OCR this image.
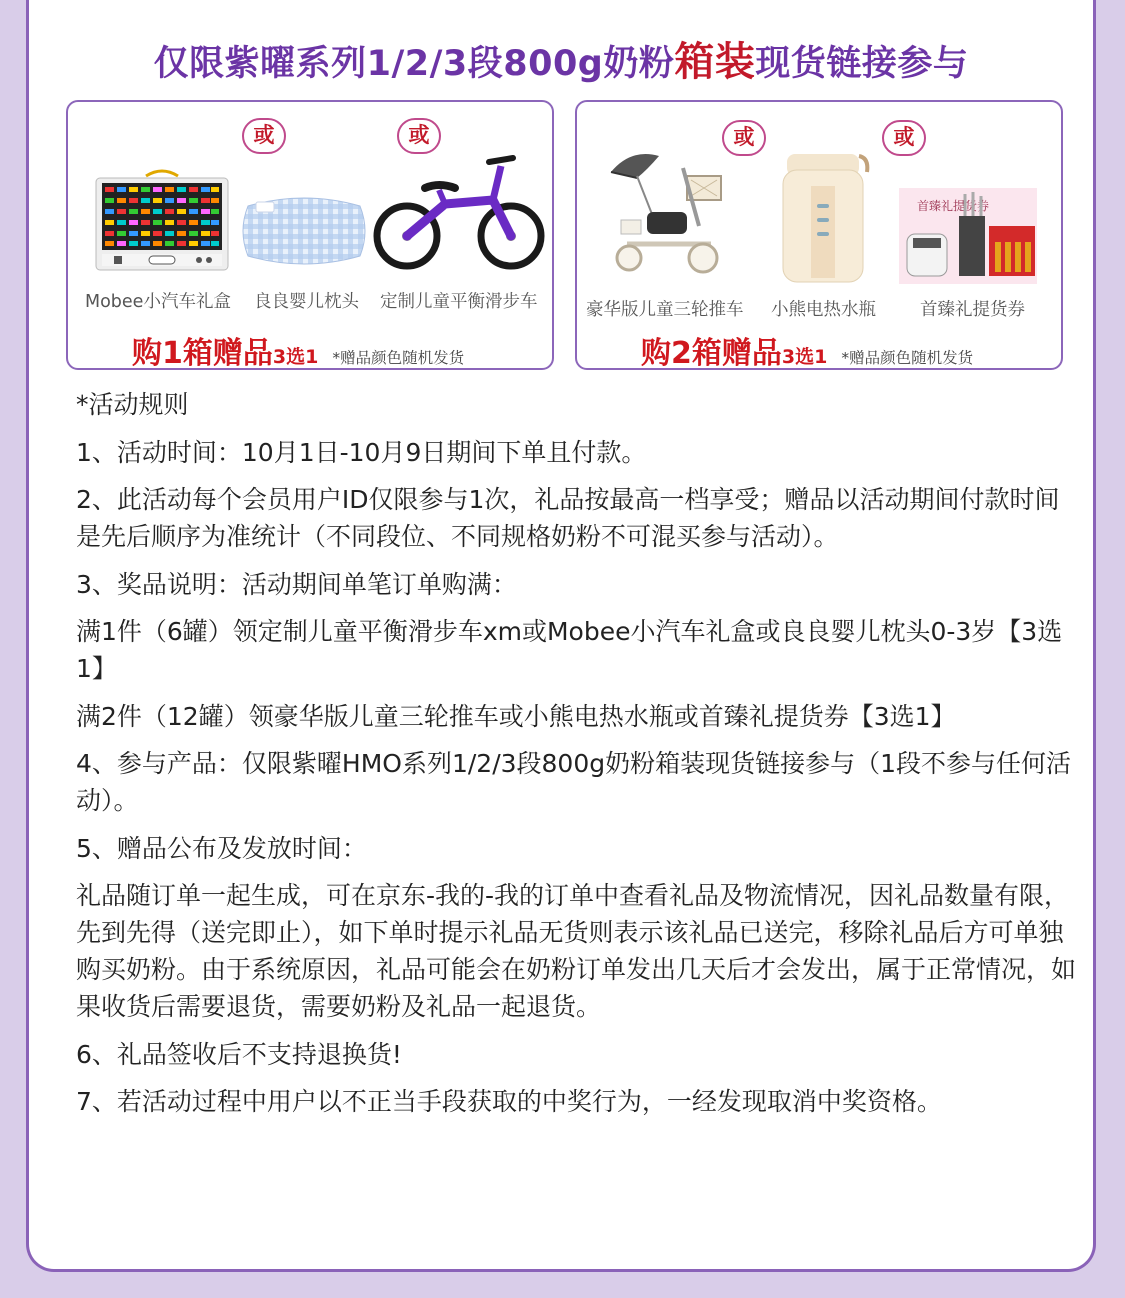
仅限紫曜系列1/2/3段800g奶粉箱装现货链接参与
或	或
Mobee小汽车礼盒 良良婴儿枕头 定制儿童平衡滑步车
购1箱赠品3选1 *赠品颜色随机发货
或	或
首臻礼提货券
豪华版儿童三轮推车 小熊电热水瓶	首臻礼提货券
购2箱赠品3选1 *赠品颜色随机发货

*活动规则

1、活动时间：10月1日-10月9日期间下单且付款。

2、此活动每个会员用户ID仅限参与1次，礼品按最高一档享受；赠品以活动期间付款时间是先后顺序为准统计（不同段位、不同规格奶粉不可混买参与活动）。

3、奖品说明：活动期间单笔订单购满：

满1件（6罐）领定制儿童平衡滑步车xm或Mobee小汽车礼盒或良良婴儿枕头0-3岁【3选1】

满2件（12罐）领豪华版儿童三轮推车或小熊电热水瓶或首臻礼提货券【3选1】

4、参与产品：仅限紫曜HMO系列1/2/3段800g奶粉箱装现货链接参与（1段不参与任何活动）。

5、赠品公布及发放时间：

礼品随订单一起生成，可在京东-我的-我的订单中查看礼品及物流情况，因礼品数量有限，先到先得（送完即止），如下单时提示礼品无货则表示该礼品已送完，移除礼品后方可单独购买奶粉。由于系统原因，礼品可能会在奶粉订单发出几天后才会发出，属于正常情况，如果收货后需要退货，需要奶粉及礼品一起退货。

6、礼品签收后不支持退换货!

7、若活动过程中用户以不正当手段获取的中奖行为，一经发现取消中奖资格。
